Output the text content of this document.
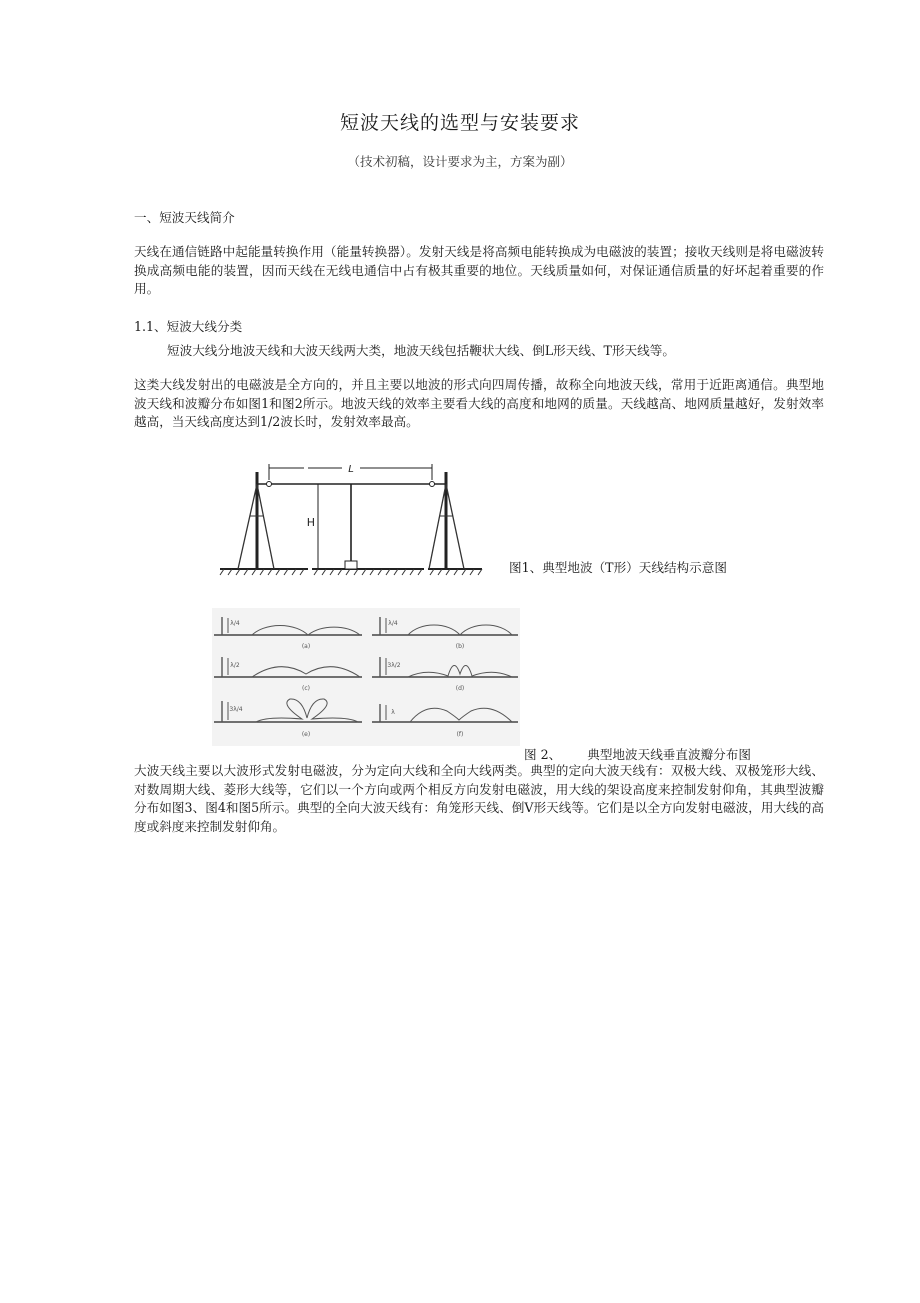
短波天线的选型与安装要求
（技术初稿，设计要求为主，方案为副）
一、短波天线简介
天线在通信链路中起能量转换作用（能量转换器）。发射天线是将高频电能转换成为电磁波的装置；接收天线则是将电磁波转换成高频电能的装置，因而天线在无线电通信中占有极其重要的地位。天线质量如何，对保证通信质量的好坏起着重要的作用。
1.1、短波大线分类
短波大线分地波天线和大波天线两大类，地波天线包括鞭状大线、倒L形天线、T形天线等。
这类大线发射出的电磁波是全方向的，并且主要以地波的形式向四周传播，故称全向地波天线，常用于近距离通信。典型地波天线和波瓣分布如图1和图2所示。地波天线的效率主要看大线的高度和地网的质量。天线越高、地网质量越好，发射效率越高，当天线高度达到1/2波长时，发射效率最高。
L
H
图1、典型地波（T形）天线结构示意图
λ/4	λ/4
λ/2	3λ/2
3λ/4	λ
(a)	(b)
(c)	(d)
(e)	(f)
图 2、 典型地波天线垂直波瓣分布图
大波天线主要以大波形式发射电磁波，分为定向大线和全向大线两类。典型的定向大波天线有：双极大线、双极笼形大线、对数周期大线、菱形大线等，它们以一个方向或两个相反方向发射电磁波，用大线的架设高度来控制发射仰角，其典型波瓣分布如图3、图4和图5所示。典型的全向大波天线有：角笼形天线、倒V形天线等。它们是以全方向发射电磁波，用大线的高度或斜度来控制发射仰角。
